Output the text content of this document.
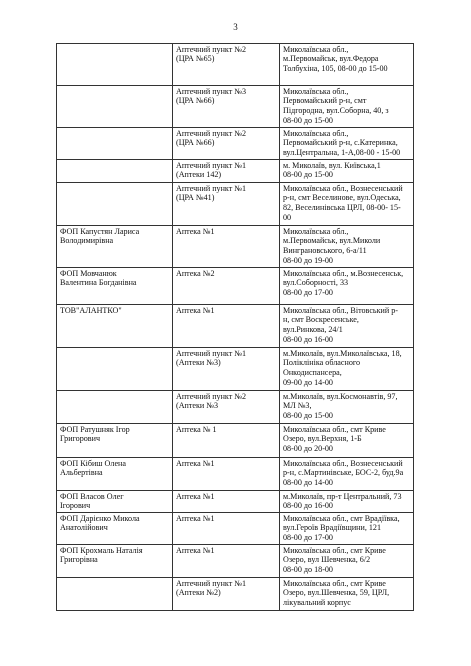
3

	Аптечний пункт №2
(ЦРА №65)	Миколаївська обл.,
м.Первомайськ, вул.Федора
Толбухіна, 105, 08-00 до 15-00

	Аптечний пункт №3
(ЦРА №66)	Миколаївська обл.,
Первомайський р-н, смт
Підгородна, вул.Соборна, 40, з
08-00 до 15-00

	Аптечний пункт №2
(ЦРА №66)	Миколаївська обл.,
Первомайський р-н, с.Катеринка,
вул.Центральна, 1-А,08-00 - 15-00

	Аптечний пункт №1
(Аптеки 142)	м. Миколаїв, вул. Київська,1
08-00 до 15-00

	Аптечний пункт №1
(ЦРА №41)	Миколаївська обл., Вознесенський
р-н, смт Веселинове, вул.Одеська,
82, Веселинівська ЦРЛ, 08-00- 15-
00

ФОП Капустян Лариса
Володимирівна	Аптека №1	Миколаївська обл.,
м.Первомайськ, вул.Миколи
Винграновського, 6-а/11
08-00 до 19-00

ФОП Мовчанюк
Валентина Богданівна	Аптека №2	Миколаївська обл., м.Вознесенськ,
вул.Соборності, 33
08-00 до 17-00

ТОВ"АЛАНТКО"	Аптека №1	Миколаївська обл., Вітовський р-
н, смт Воскресенське,
вул.Ринкова, 24/1
08-00 до 16-00

	Аптечний пункт №1
(Аптеки №3)	м.Миколаїв, вул.Миколаївська, 18,
Поліклініка обласного
Онкодиспансера,
09-00 до 14-00

	Аптечний пункт №2
(Аптеки №3	м.Миколаїв, вул.Космонавтів, 97,
МЛ №3,
08-00 до 15-00

ФОП Ратушняк Ігор
Григорович	Аптека № 1	Миколаївська обл., смт Криве
Озеро, вул.Верхня, 1-Б
08-00 до 20-00

ФОП Кібиш Олена
Альбертівна	Аптека №1	Миколаївська обл., Вознесенський
р-н, с.Мартинівське, БОС-2, буд.9а
08-00 до 14-00

ФОП Власов Олег
Ігорович	Аптека №1	м.Миколаїв, пр-т Центральний, 73
08-00 до 16-00

ФОП Дарієнко Микола
Анатолійович	Аптека №1	Миколаївська обл., смт Врадіївка,
вул.Героїв Врадіївщини, 121
08-00 до 17-00

ФОП Крохмаль Наталія
Григорівна	Аптека №1	Миколаївська обл., смт Криве
Озеро, вул Шевченка, 6/2
08-00 до 18-00

	Аптечний пункт №1
(Аптеки №2)	Миколаївська обл., смт Криве
Озеро, вул.Шевченка, 59, ЦРЛ,
лікувальний корпус
